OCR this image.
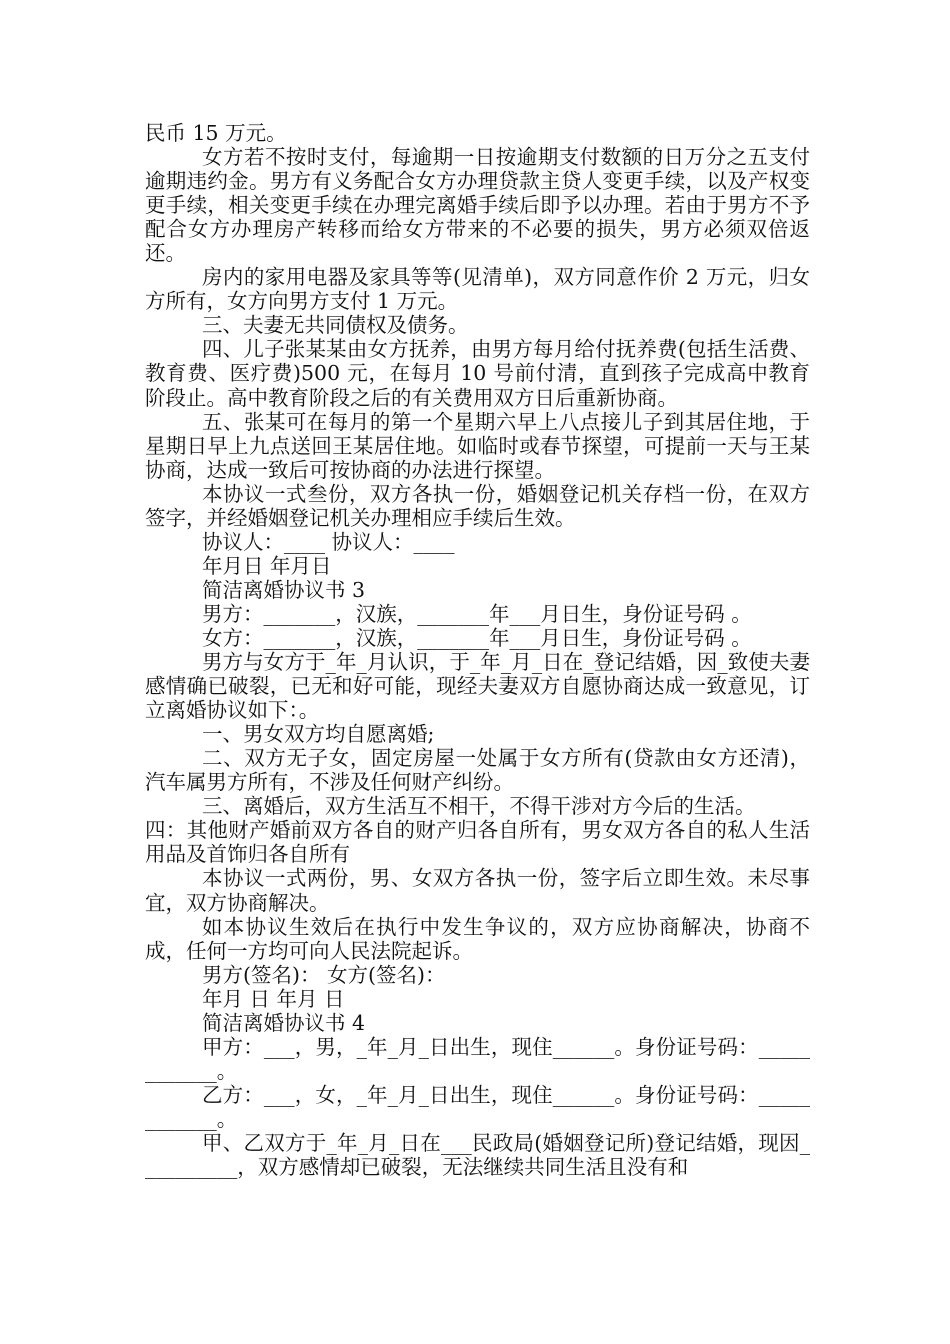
民币 15 万元。

女方若不按时支付，每逾期一日按逾期支付数额的日万分之五支付逾期违约金。男方有义务配合女方办理贷款主贷人变更手续，以及产权变更手续，相关变更手续在办理完离婚手续后即予以办理。若由于男方不予配合女方办理房产转移而给女方带来的不必要的损失，男方必须双倍返还。

房内的家用电器及家具等等(见清单)，双方同意作价 2 万元，归女方所有，女方向男方支付 1 万元。

三、夫妻无共同债权及债务。

四、儿子张某某由女方抚养，由男方每月给付抚养费(包括生活费、教育费、医疗费)500 元，在每月 10 号前付清，直到孩子完成高中教育阶段止。高中教育阶段之后的有关费用双方日后重新协商。

五、张某可在每月的第一个星期六早上八点接儿子到其居住地，于星期日早上九点送回王某居住地。如临时或春节探望，可提前一天与王某协商，达成一致后可按协商的办法进行探望。

本协议一式叁份，双方各执一份，婚姻登记机关存档一份，在双方签字，并经婚姻登记机关办理相应手续后生效。

协议人：____ 协议人：____

年月日 年月日

简洁离婚协议书 3

男方：_______，汉族，_______年___月日生，身份证号码 。

女方：_______，汉族，_______年___月日生，身份证号码 。

男方与女方于_年_月认识，于_年_月_日在_登记结婚，因_致使夫妻感情确已破裂，已无和好可能，现经夫妻双方自愿协商达成一致意见，订立离婚协议如下：。

一、男女双方均自愿离婚;

二、双方无子女，固定房屋一处属于女方所有(贷款由女方还清)，汽车属男方所有，不涉及任何财产纠纷。

三、离婚后，双方生活互不相干，不得干涉对方今后的生活。

四：其他财产婚前双方各自的财产归各自所有，男女双方各自的私人生活用品及首饰归各自所有

本协议一式两份，男、女双方各执一份，签字后立即生效。未尽事宜，双方协商解决。

如本协议生效后在执行中发生争议的，双方应协商解决，协商不成，任何一方均可向人民法院起诉。

男方(签名)： 女方(签名)：

年月 日 年月 日

简洁离婚协议书 4

甲方：___，男，_年_月_日出生，现住______。身份证号码：____________。

乙方：___，女，_年_月_日出生，现住______。身份证号码：____________。

甲、乙双方于_年_月_日在___民政局(婚姻登记所)登记结婚，现因__________，双方感情却已破裂，无法继续共同生活且没有和
